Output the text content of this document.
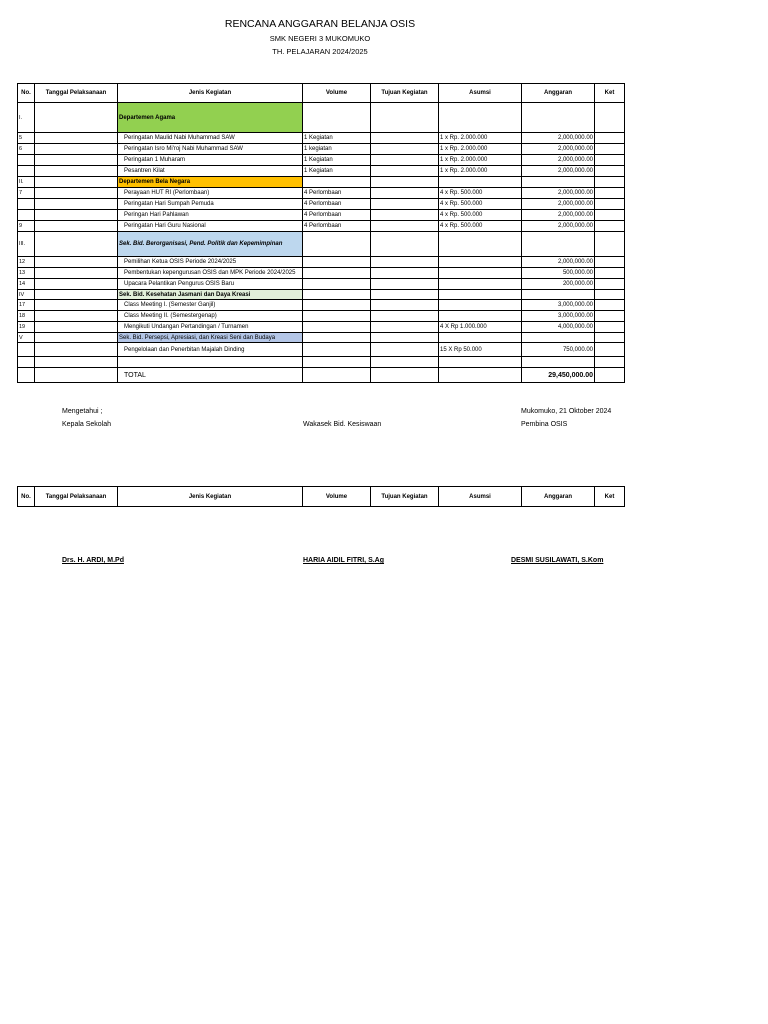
RENCANA ANGGARAN BELANJA OSIS
SMK NEGERI 3 MUKOMUKO
TH. PELAJARAN 2024/2025
No.	Tanggal Pelaksanaan	Jenis Kegiatan	Volume	Tujuan Kegiatan	Asumsi	Anggaran	Ket
I.		Departemen Agama					
5		Peringatan Maulid Nabi Muhammad SAW	1 Kegiatan		1 x Rp. 2.000.000	2,000,000.00	
6		Peringatan Isro Mi'roj Nabi Muhammad SAW	1 kegiatan		1 x Rp. 2.000.000	2,000,000.00	
		Peringatan 1 Muharam	1 Kegiatan		1 x Rp. 2.000.000	2,000,000.00	
		Pesantren Kilat	1 Kegiatan		1 x Rp. 2.000.000	2,000,000.00	
II.		Departemen Bela Negara					
7		Perayaan HUT RI (Perlombaan)	4 Perlombaan		4 x Rp. 500.000	2,000,000.00	
		Peringatan Hari Sumpah Pemuda	4 Perlombaan		4 x Rp. 500.000	2,000,000.00	
		Peringan Hari Pahlawan	4 Perlombaan		4 x Rp. 500.000	2,000,000.00	
9		Peringatan Hari Guru Nasional	4 Perlombaan		4 x Rp. 500.000	2,000,000.00	
III.		Sek. Bid. Berorganisasi, Pend. Politik dan Kepemimpinan					
12		Pemilihan Ketua OSIS Periode 2024/2025				2,000,000.00	
13		Pembentukan kepengurusan OSIS dan MPK Periode 2024/2025				500,000.00	
14		Upacara Pelantikan Pengurus OSIS Baru				200,000.00	
IV		Sek. Bid. Kesehatan Jasmani dan Daya Kreasi					
17		Class Meeting I. (Semester Ganjil)				3,000,000.00	
18		Class Meeting II. (Semestergenap)				3,000,000.00	
19		Mengikuti Undangan Pertandingan / Turnamen			4 X Rp 1.000.000	4,000,000.00	
V		Sek. Bid. Persepsi, Apresiasi, dan Kreasi Seni dan Budaya					
		Pengelolaan dan Penerbitan Majalah Dinding			15 X Rp 50.000	750,000.00	

		TOTAL				29,450,000.00	
Mengetahui ;	Mukomuko, 21 Oktober 2024
Kepala Sekolah	Wakasek Bid. Kesiswaan	Pembina OSIS
No.	Tanggal Pelaksanaan	Jenis Kegiatan	Volume	Tujuan Kegiatan	Asumsi	Anggaran	Ket
Drs. H. ARDI, M.Pd	HARIA AIDIL FITRI, S.Ag	DESMI SUSILAWATI, S.Kom
